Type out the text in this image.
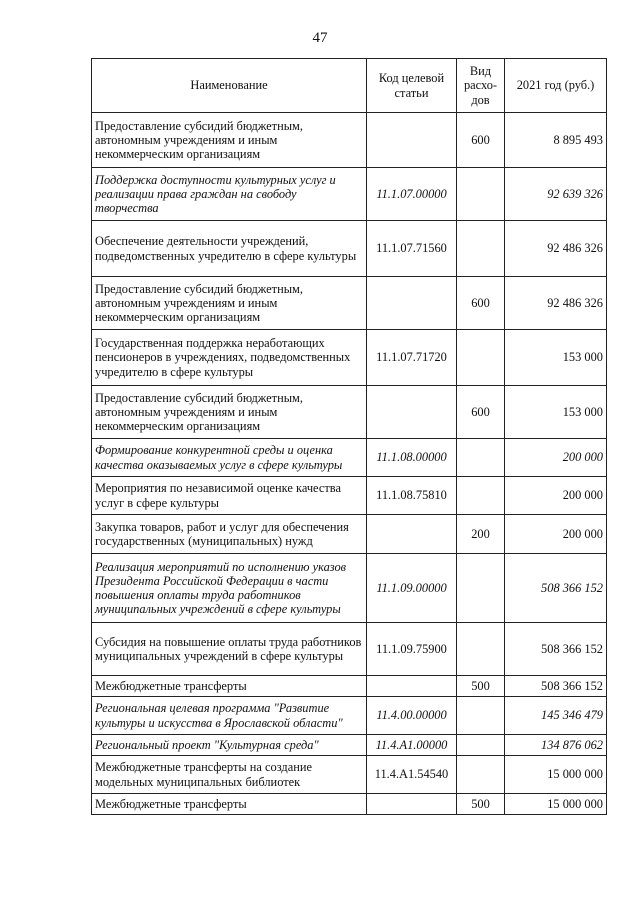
47
Наименование	Код целевой статьи	Вид расхо-дов	2021 год (руб.)
Предоставление субсидий бюджетным, автономным учреждениям и иным некоммерческим организациям		600	8 895 493
Поддержка доступности культурных услуг и реализации права граждан на свободу творчества	11.1.07.00000		92 639 326
Обеспечение деятельности учреждений, подведомственных учредителю в сфере культуры	11.1.07.71560		92 486 326
Предоставление субсидий бюджетным, автономным учреждениям и иным некоммерческим организациям		600	92 486 326
Государственная поддержка неработающих пенсионеров в учреждениях, подведомственных учредителю в сфере культуры	11.1.07.71720		153 000
Предоставление субсидий бюджетным, автономным учреждениям и иным некоммерческим организациям		600	153 000
Формирование конкурентной среды и оценка качества оказываемых услуг в сфере культуры	11.1.08.00000		200 000
Мероприятия по независимой оценке качества услуг в сфере культуры	11.1.08.75810		200 000
Закупка товаров, работ и услуг для обеспечения государственных (муниципальных) нужд		200	200 000
Реализация мероприятий по исполнению указов Президента Российской Федерации в части повышения оплаты труда работников муниципальных учреждений в сфере культуры	11.1.09.00000		508 366 152
Субсидия на повышение оплаты труда работников муниципальных учреждений в сфере культуры	11.1.09.75900		508 366 152
Межбюджетные трансферты		500	508 366 152
Региональная целевая программа "Развитие культуры и искусства в Ярославской области"	11.4.00.00000		145 346 479
Региональный проект "Культурная среда"	11.4.A1.00000		134 876 062
Межбюджетные трансферты на создание модельных муниципальных библиотек	11.4.A1.54540		15 000 000
Межбюджетные трансферты		500	15 000 000
